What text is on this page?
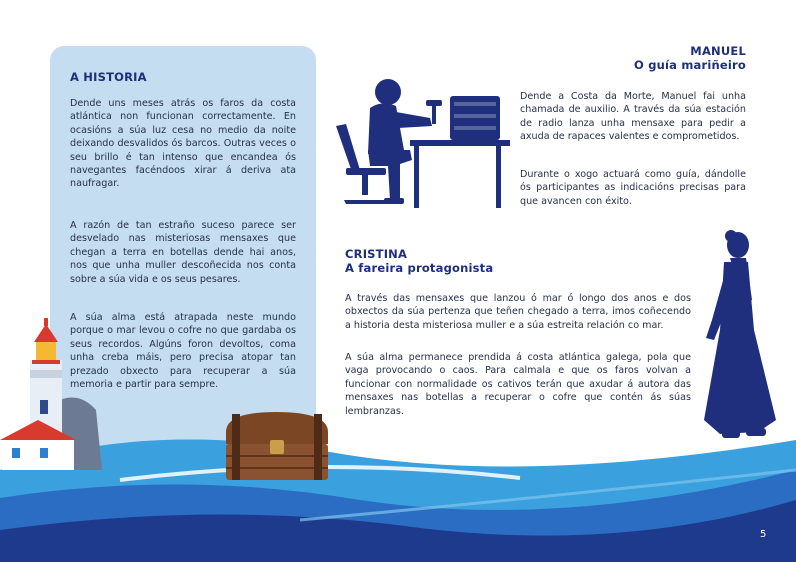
A HISTORIA

Dende uns meses atrás os faros da costa atlántica non funcionan correctamente. En ocasións a súa luz cesa no medio da noite deixando desvalidos ós barcos. Outras veces o seu brillo é tan intenso que encandea ós navegantes facéndoos xirar á deriva ata naufragar.

A razón de tan estraño suceso parece ser desvelado nas misteriosas mensaxes que chegan a terra en botellas dende hai anos, nos que unha muller descoñecida nos conta sobre a súa vida e os seus pesares.

A súa alma está atrapada neste mundo porque o mar levou o cofre no que gardaba os seus recordos. Algúns foron devoltos, coma unha creba máis, pero precisa atopar tan prezado obxecto para recuperar a súa memoria e partir para sempre.

MANUEL
O guía mariñeiro

Dende a Costa da Morte, Manuel fai unha chamada de auxilio. A través da súa estación de radio lanza unha mensaxe para pedir a axuda de rapaces valentes e comprometidos.

Durante o xogo actuará como guía, dándolle ós participantes as indicacións precisas para que avancen con éxito.

CRISTINA
A fareira protagonista

A través das mensaxes que lanzou ó mar ó longo dos anos e dos obxectos da súa pertenza que teñen chegado a terra, imos coñecendo a historia desta misteriosa muller e a súa estreita relación co mar.

A súa alma permanece prendida á costa atlántica galega, pola que vaga provocando o caos. Para calmala e que os faros volvan a funcionar con normalidade os cativos terán que axudar á autora das mensaxes nas botellas a recuperar o cofre que contén ás súas lembranzas.

5
